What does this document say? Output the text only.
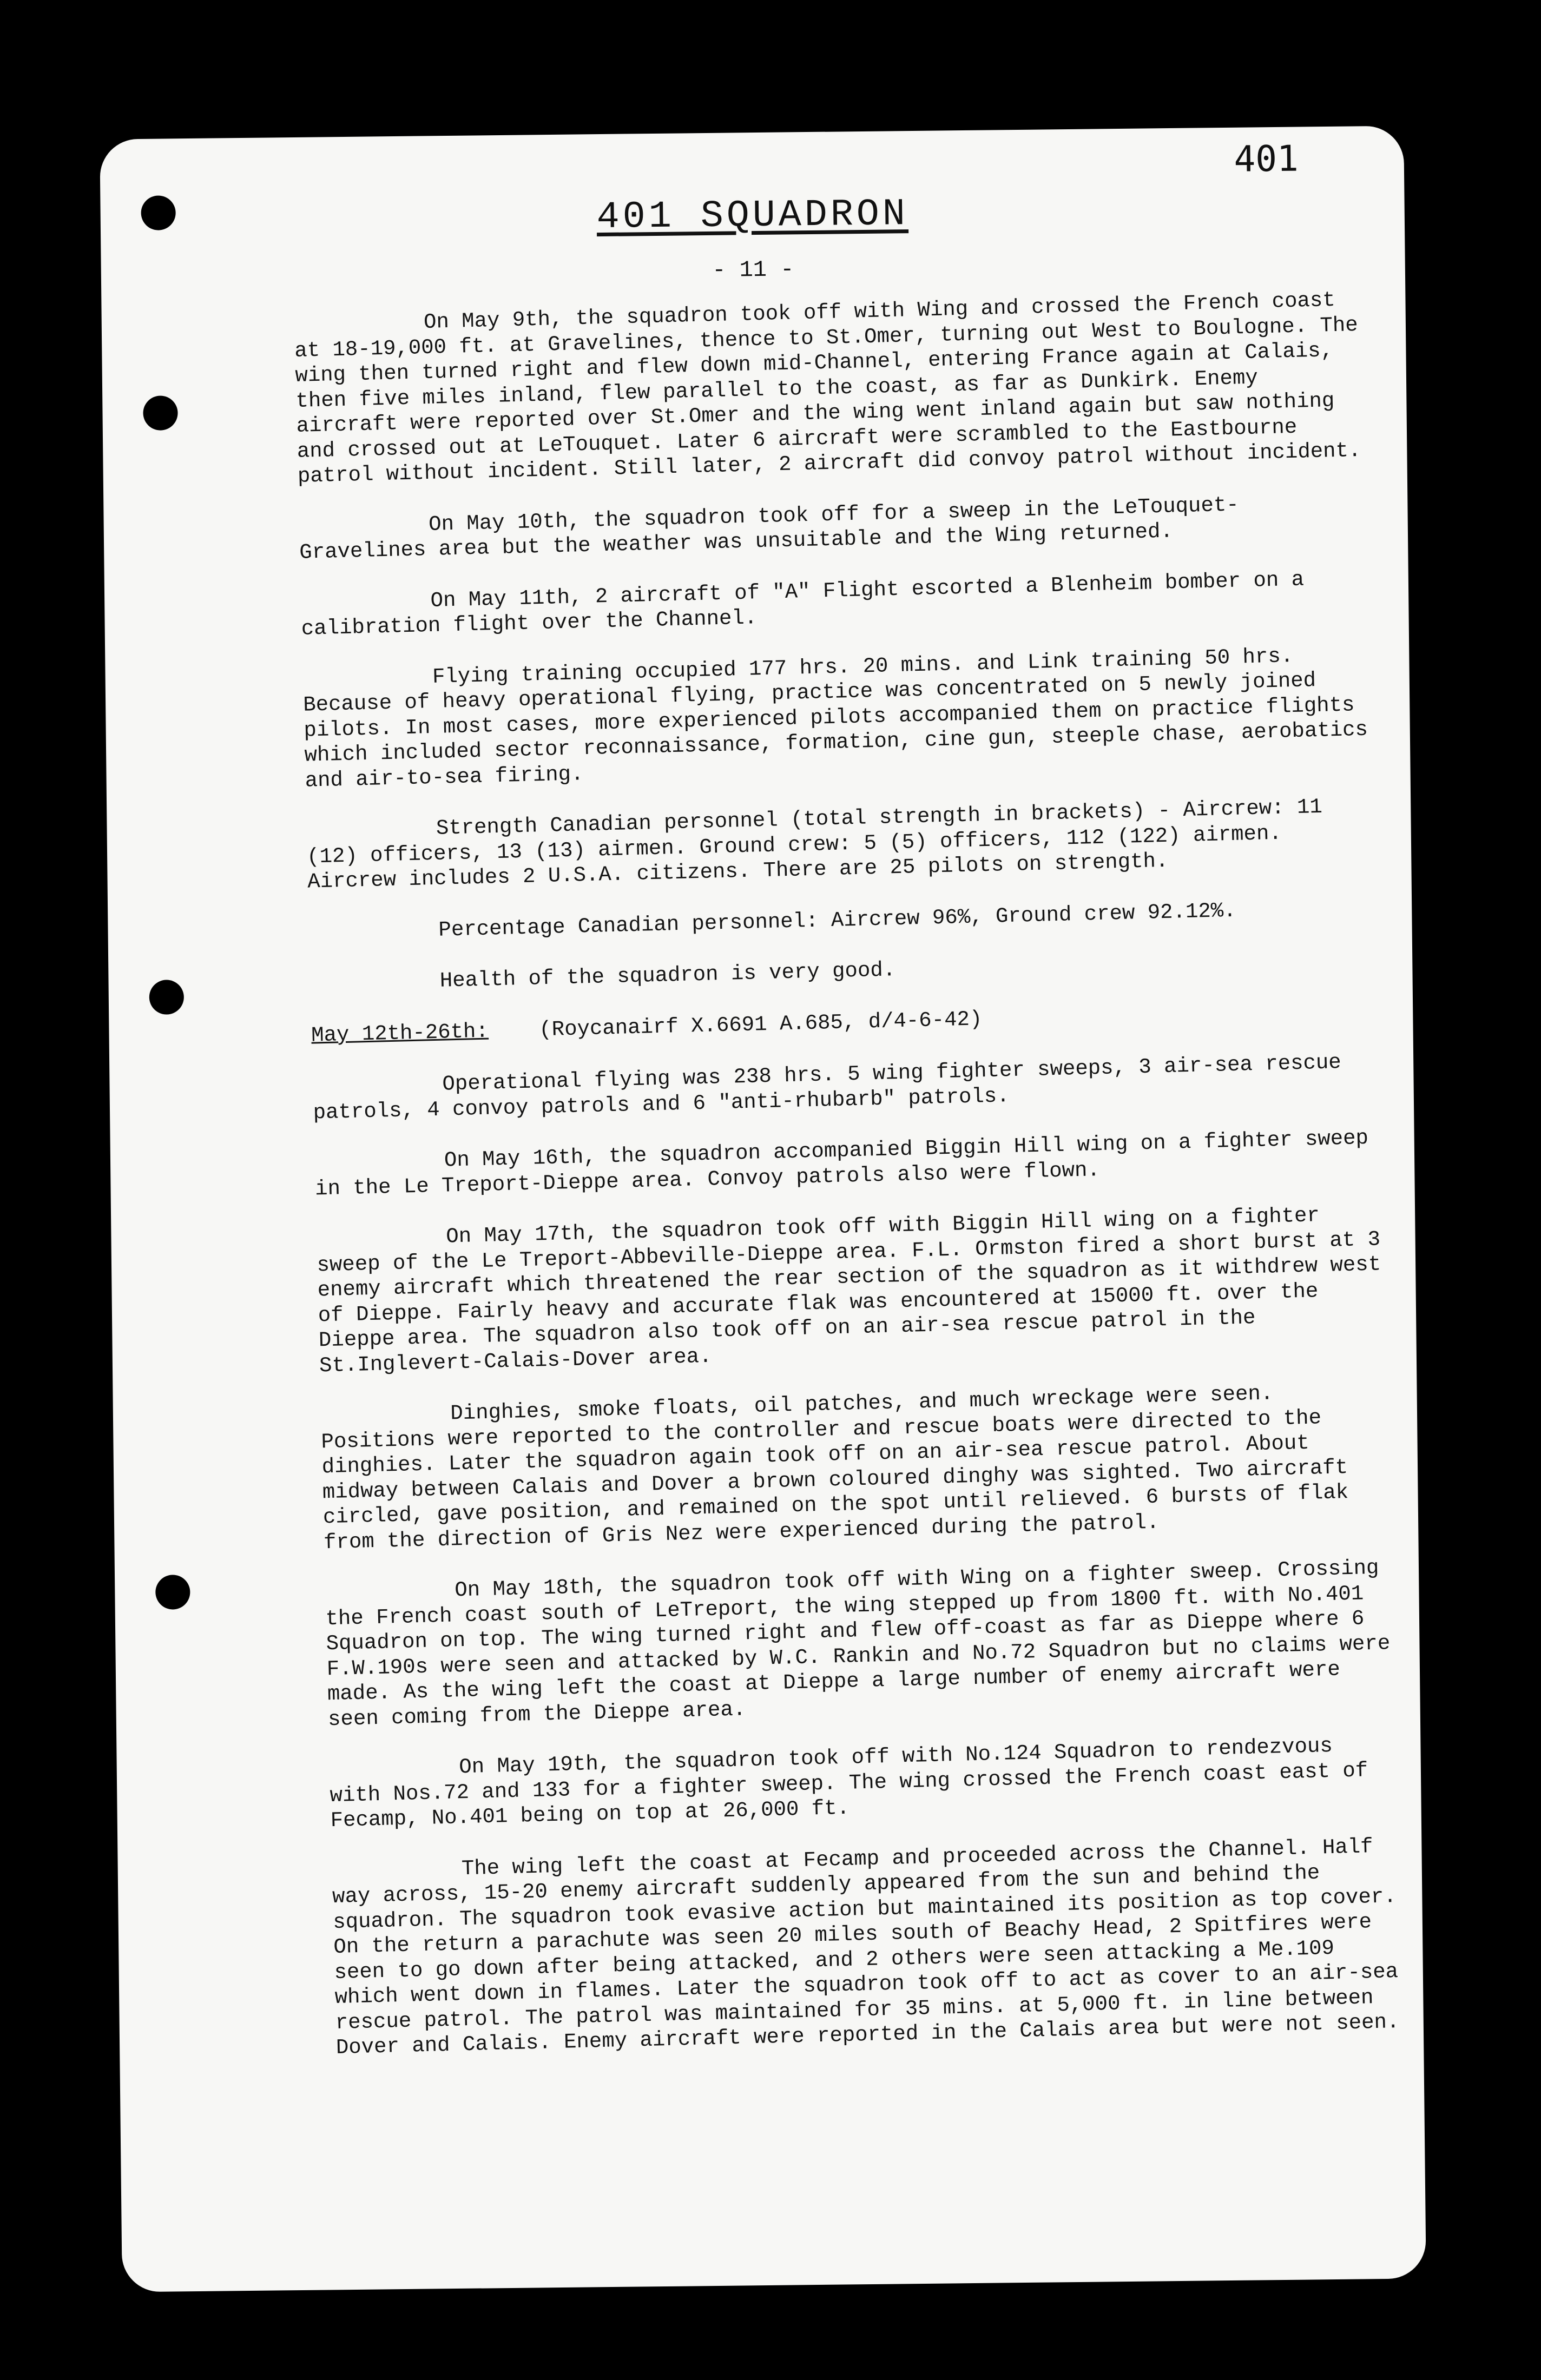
401
401 SQUADRON
- 11 -

On May 9th, the squadron took off with Wing and crossed the French coast at 18-19,000 ft. at Gravelines, thence to St.Omer, turning out West to Boulogne. The wing then turned right and flew down mid-Channel, entering France again at Calais, then five miles inland, flew parallel to the coast, as far as Dunkirk. Enemy aircraft were reported over St.Omer and the wing went inland again but saw nothing and crossed out at LeTouquet. Later 6 aircraft were scrambled to the Eastbourne patrol without incident. Still later, 2 aircraft did convoy patrol without incident.

On May 10th, the squadron took off for a sweep in the LeTouquet-Gravelines area but the weather was unsuitable and the Wing returned.

On May 11th, 2 aircraft of "A" Flight escorted a Blenheim bomber on a calibration flight over the Channel.

Flying training occupied 177 hrs. 20 mins. and Link training 50 hrs. Because of heavy operational flying, practice was concentrated on 5 newly joined pilots. In most cases, more experienced pilots accompanied them on practice flights which included sector reconnaissance, formation, cine gun, steeple chase, aerobatics and air-to-sea firing.

Strength Canadian personnel (total strength in brackets) - Aircrew: 11 (12) officers, 13 (13) airmen. Ground crew: 5 (5) officers, 112 (122) airmen. Aircrew includes 2 U.S.A. citizens. There are 25 pilots on strength.

Percentage Canadian personnel: Aircrew 96%, Ground crew 92.12%.

Health of the squadron is very good.

May 12th-26th: (Roycanairf X.6691 A.685, d/4-6-42)

Operational flying was 238 hrs. 5 wing fighter sweeps, 3 air-sea rescue patrols, 4 convoy patrols and 6 "anti-rhubarb" patrols.

On May 16th, the squadron accompanied Biggin Hill wing on a fighter sweep in the Le Treport-Dieppe area. Convoy patrols also were flown.

On May 17th, the squadron took off with Biggin Hill wing on a fighter sweep of the Le Treport-Abbeville-Dieppe area. F.L. Ormston fired a short burst at 3 enemy aircraft which threatened the rear section of the squadron as it withdrew west of Dieppe. Fairly heavy and accurate flak was encountered at 15000 ft. over the Dieppe area. The squadron also took off on an air-sea rescue patrol in the St.Inglevert-Calais-Dover area.

Dinghies, smoke floats, oil patches, and much wreckage were seen. Positions were reported to the controller and rescue boats were directed to the dinghies. Later the squadron again took off on an air-sea rescue patrol. About midway between Calais and Dover a brown coloured dinghy was sighted. Two aircraft circled, gave position, and remained on the spot until relieved. 6 bursts of flak from the direction of Gris Nez were experienced during the patrol.

On May 18th, the squadron took off with Wing on a fighter sweep. Crossing the French coast south of LeTreport, the wing stepped up from 1800 ft. with No.401 Squadron on top. The wing turned right and flew off-coast as far as Dieppe where 6 F.W.190s were seen and attacked by W.C. Rankin and No.72 Squadron but no claims were made. As the wing left the coast at Dieppe a large number of enemy aircraft were seen coming from the Dieppe area.

On May 19th, the squadron took off with No.124 Squadron to rendezvous with Nos.72 and 133 for a fighter sweep. The wing crossed the French coast east of Fecamp, No.401 being on top at 26,000 ft.

The wing left the coast at Fecamp and proceeded across the Channel. Half way across, 15-20 enemy aircraft suddenly appeared from the sun and behind the squadron. The squadron took evasive action but maintained its position as top cover. On the return a parachute was seen 20 miles south of Beachy Head, 2 Spitfires were seen to go down after being attacked, and 2 others were seen attacking a Me.109 which went down in flames. Later the squadron took off to act as cover to an air-sea rescue patrol. The patrol was maintained for 35 mins. at 5,000 ft. in line between Dover and Calais. Enemy aircraft were reported in the Calais area but were not seen.
